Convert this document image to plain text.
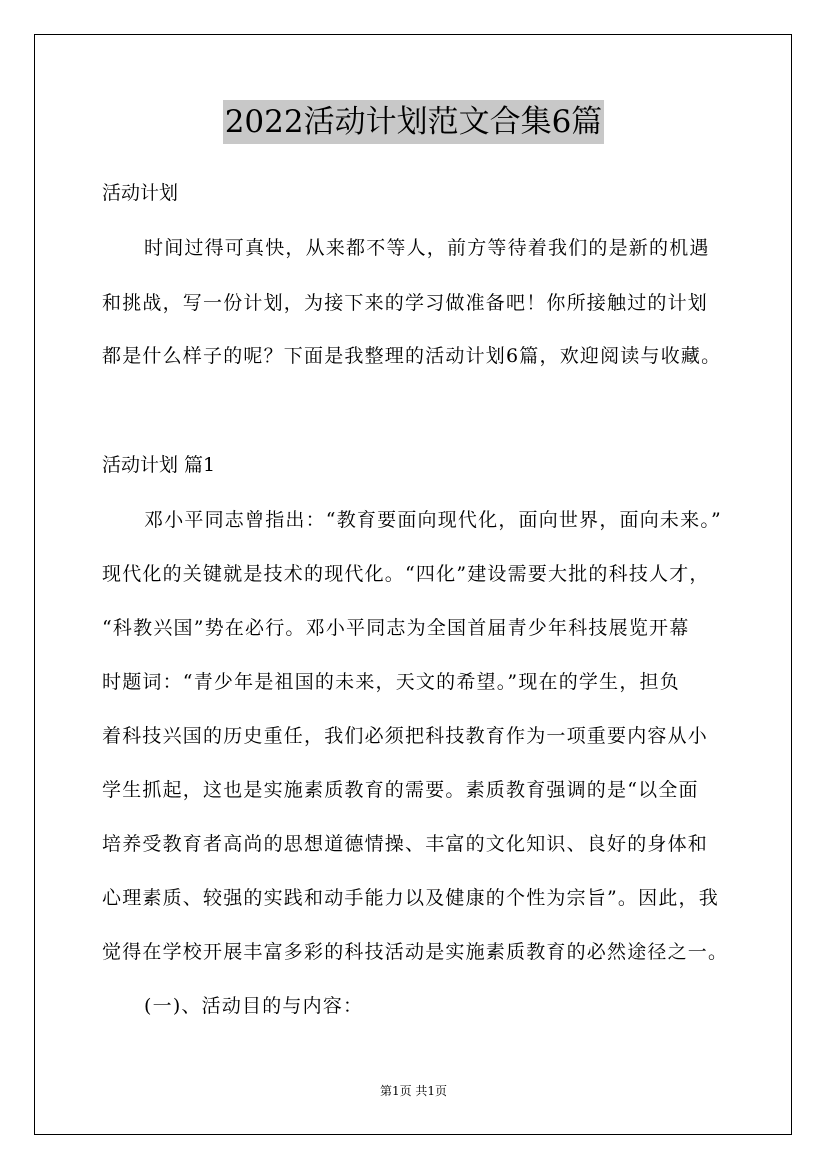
2022活动计划范文合集6篇
活动计划
时间过得可真快，从来都不等人，前方等待着我们的是新的机遇
和挑战，写一份计划，为接下来的学习做准备吧！你所接触过的计划
都是什么样子的呢？下面是我整理的活动计划6篇，欢迎阅读与收藏。
活动计划 篇1
邓小平同志曾指出：“教育要面向现代化，面向世界，面向未来。”
现代化的关键就是技术的现代化。“四化”建设需要大批的科技人才，
“科教兴国”势在必行。邓小平同志为全国首届青少年科技展览开幕
时题词：“青少年是祖国的未来，天文的希望。”现在的学生，担负
着科技兴国的历史重任，我们必须把科技教育作为一项重要内容从小
学生抓起，这也是实施素质教育的需要。素质教育强调的是“以全面
培养受教育者高尚的思想道德情操、丰富的文化知识、良好的身体和
心理素质、较强的实践和动手能力以及健康的个性为宗旨”。因此，我
觉得在学校开展丰富多彩的科技活动是实施素质教育的必然途径之一。
(一)、活动目的与内容：
第1页 共1页
